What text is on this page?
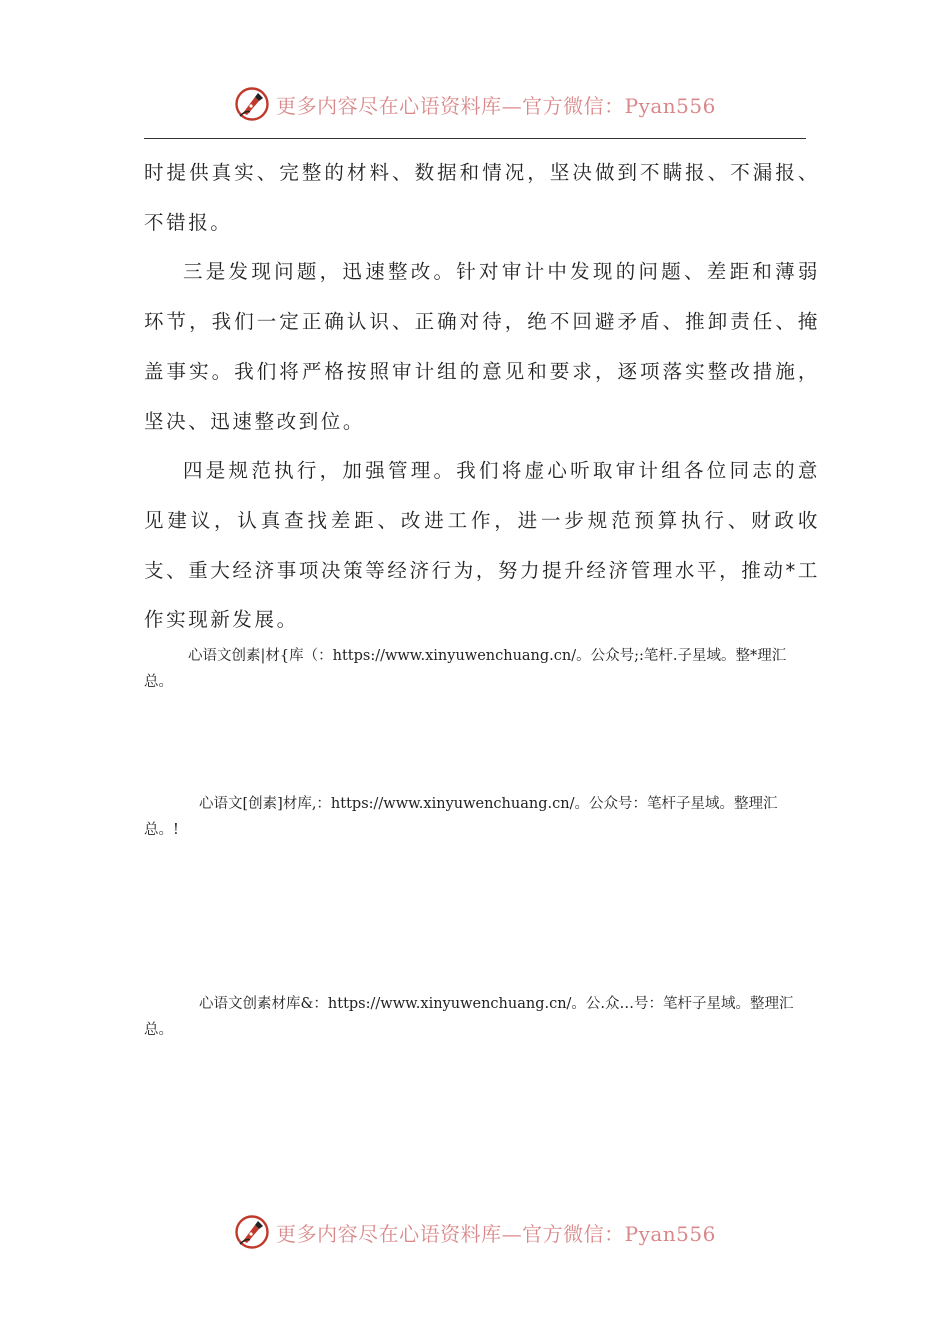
更多内容尽在心语资料库—官方微信：Pyan556

时提供真实、完整的材料、数据和情况，坚决做到不瞒报、不漏报、不错报。

三是发现问题，迅速整改。针对审计中发现的问题、差距和薄弱环节，我们一定正确认识、正确对待，绝不回避矛盾、推卸责任、掩盖事实。我们将严格按照审计组的意见和要求，逐项落实整改措施，坚决、迅速整改到位。

四是规范执行，加强管理。我们将虚心听取审计组各位同志的意见建议，认真查找差距、改进工作，进一步规范预算执行、财政收支、重大经济事项决策等经济行为，努力提升经济管理水平，推动*工作实现新发展。

心语文创素|材{库（：https://www.xinyuwenchuang.cn/。公众号;:笔杆.子星域。整*理汇总。

心语文[创素]材库,：https://www.xinyuwenchuang.cn/。公众号：笔杆子星域。整理汇总。!

心语文创素材库&：https://www.xinyuwenchuang.cn/。公.众…号：笔杆子星域。整理汇总。

更多内容尽在心语资料库—官方微信：Pyan556
